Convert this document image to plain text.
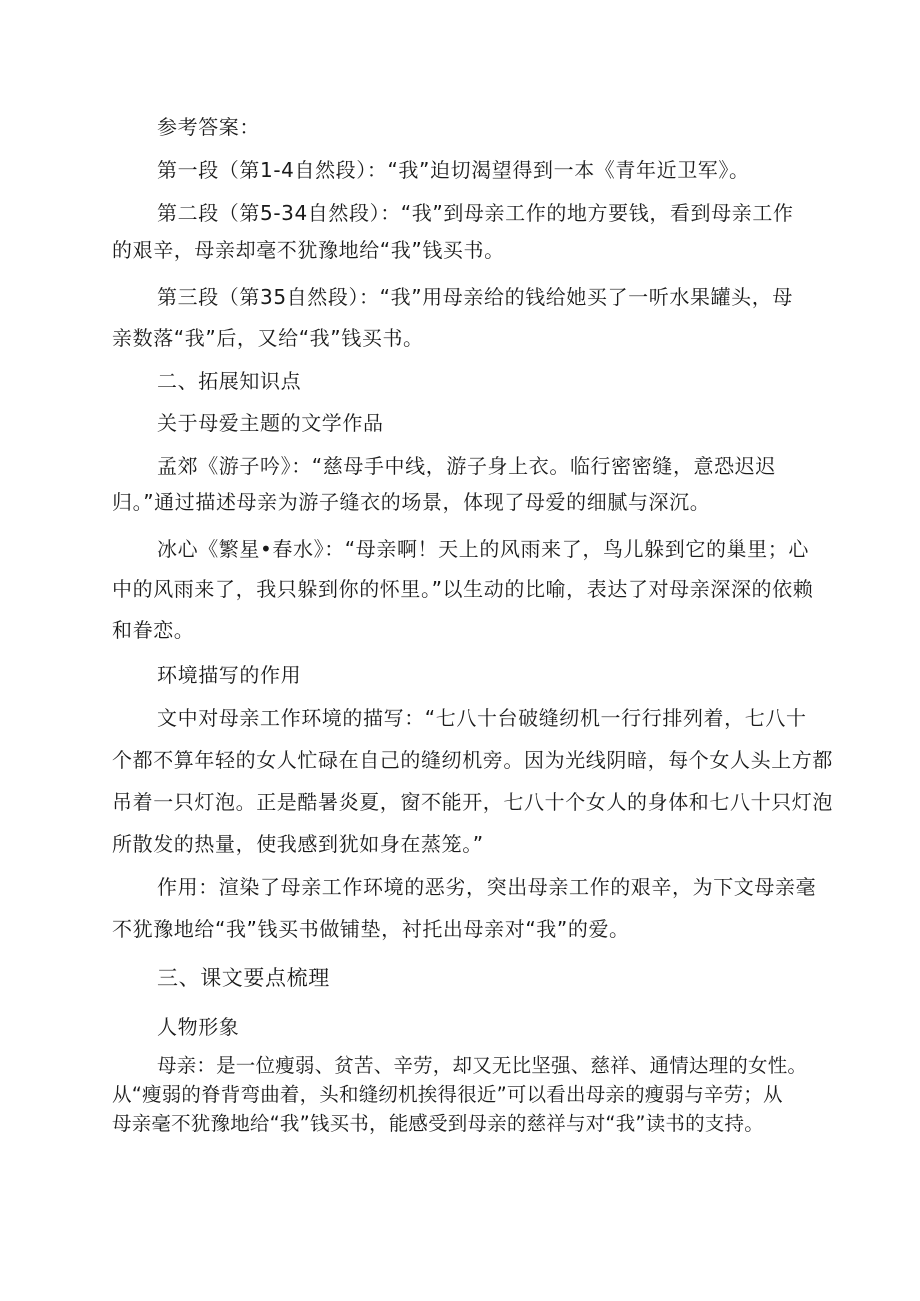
参考答案：
第一段（第1-4自然段）：“我”迫切渴望得到一本《青年近卫军》。
第二段（第5-34自然段）：“我”到母亲工作的地方要钱，看到母亲工作
的艰辛，母亲却毫不犹豫地给“我”钱买书。
第三段（第35自然段）：“我”用母亲给的钱给她买了一听水果罐头，母
亲数落“我”后，又给“我”钱买书。
二、拓展知识点
关于母爱主题的文学作品
孟郊《游子吟》：“慈母手中线，游子身上衣。临行密密缝，意恐迟迟
归。”通过描述母亲为游子缝衣的场景，体现了母爱的细腻与深沉。
冰心《繁星•春水》：“母亲啊！天上的风雨来了，鸟儿躲到它的巢里；心
中的风雨来了，我只躲到你的怀里。”以生动的比喻，表达了对母亲深深的依赖
和眷恋。
环境描写的作用
文中对母亲工作环境的描写：“七八十台破缝纫机一行行排列着，七八十
个都不算年轻的女人忙碌在自己的缝纫机旁。因为光线阴暗，每个女人头上方都
吊着一只灯泡。正是酷暑炎夏，窗不能开，七八十个女人的身体和七八十只灯泡
所散发的热量，使我感到犹如身在蒸笼。”
作用：渲染了母亲工作环境的恶劣，突出母亲工作的艰辛，为下文母亲毫
不犹豫地给“我”钱买书做铺垫，衬托出母亲对“我”的爱。
三、课文要点梳理
人物形象
母亲：是一位瘦弱、贫苦、辛劳，却又无比坚强、慈祥、通情达理的女性。
从“瘦弱的脊背弯曲着，头和缝纫机挨得很近”可以看出母亲的瘦弱与辛劳；从
母亲毫不犹豫地给“我”钱买书，能感受到母亲的慈祥与对“我”读书的支持。
